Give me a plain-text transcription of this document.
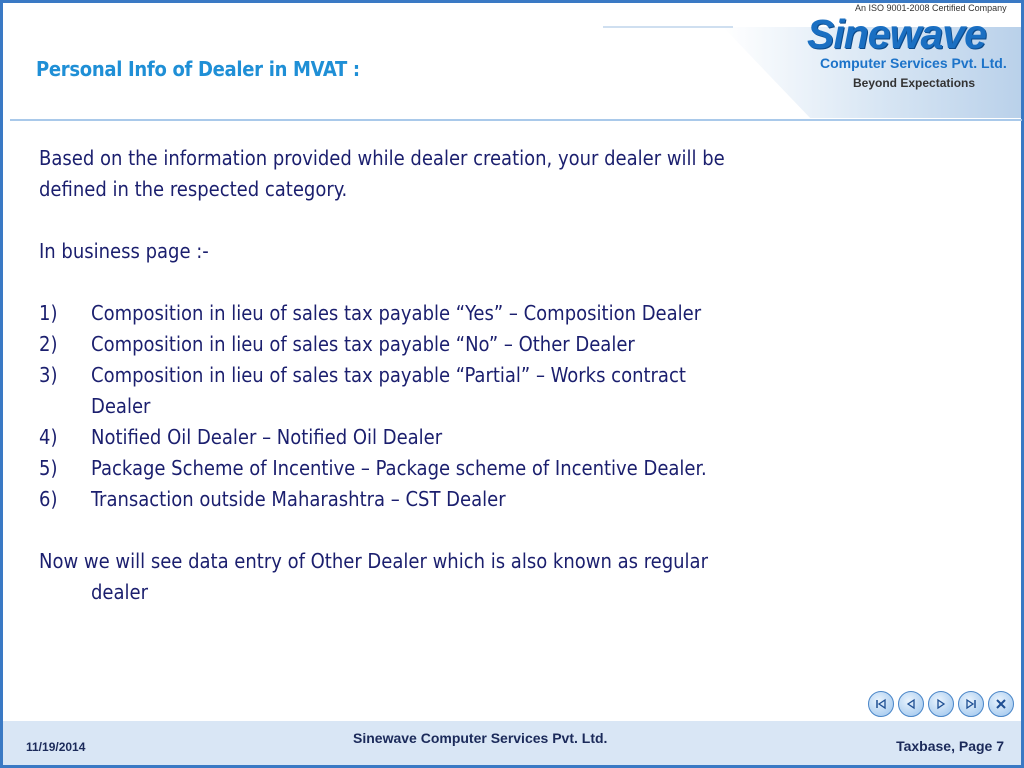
Personal Info of Dealer in MVAT :
An ISO 9001-2008 Certified Company
Sinewave
Computer Services Pvt. Ltd.
Beyond Expectations

Based on the information provided while dealer creation, your dealer will be

defined in the respected category.

In business page :-

1)	Composition in lieu of sales tax payable “Yes” – Composition Dealer
2)	Composition in lieu of sales tax payable “No” – Other Dealer
3)	Composition in lieu of sales tax payable “Partial” – Works contract

Dealer

4)	Notified Oil Dealer – Notified Oil Dealer
5)	Package Scheme of Incentive – Package scheme of Incentive Dealer.
6)	Transaction outside Maharashtra – CST Dealer

Now we will see data entry of Other Dealer which is also known as regular

dealer

11/19/2014
Sinewave Computer Services Pvt. Ltd.	Taxbase, Page 7
